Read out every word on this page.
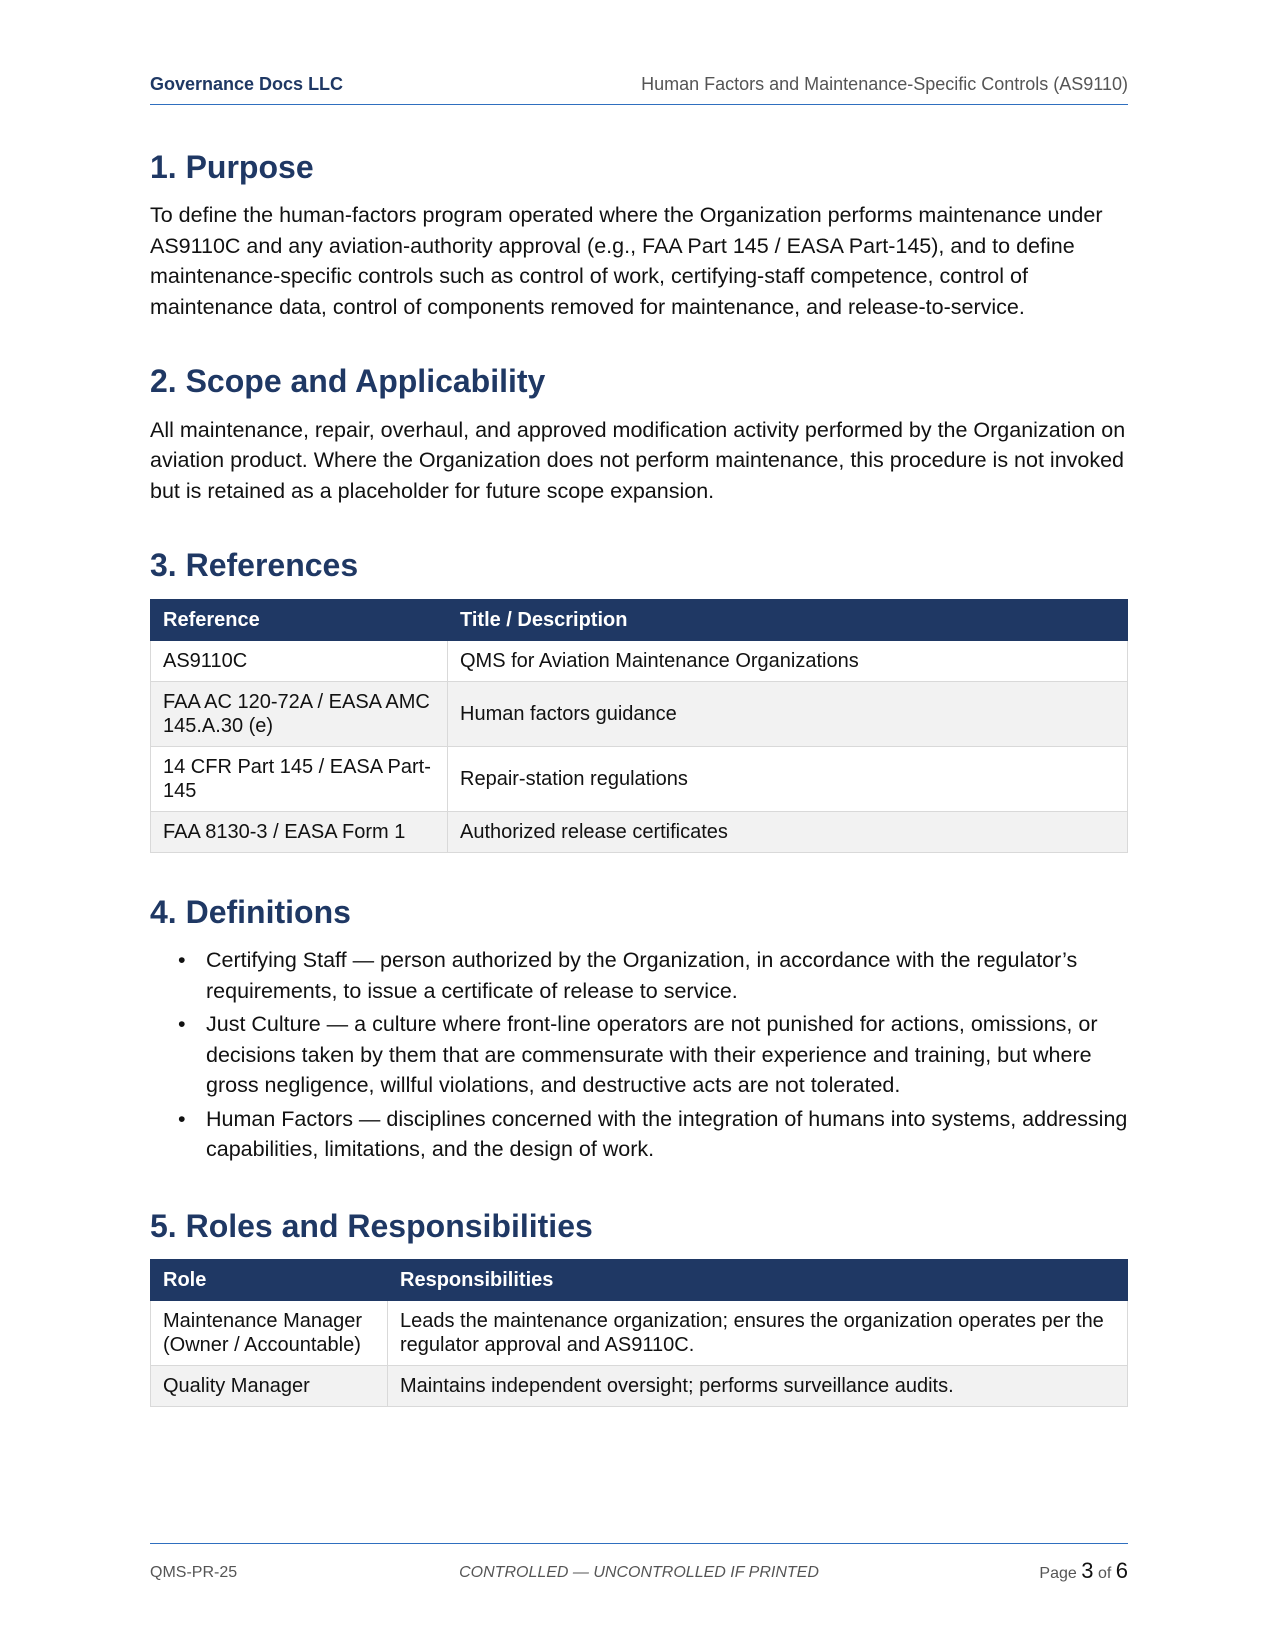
Governance Docs LLC	Human Factors and Maintenance-Specific Controls (AS9110)
1. Purpose

To define the human-factors program operated where the Organization performs maintenance under AS9110C and any aviation-authority approval (e.g., FAA Part 145 / EASA Part-145), and to define maintenance-specific controls such as control of work, certifying-staff competence, control of maintenance data, control of components removed for maintenance, and release-to-service.

2. Scope and Applicability

All maintenance, repair, overhaul, and approved modification activity performed by the Organization on aviation product. Where the Organization does not perform maintenance, this procedure is not invoked but is retained as a placeholder for future scope expansion.

3. References
Reference	Title / Description
AS9110C	QMS for Aviation Maintenance Organizations
FAA AC 120-72A / EASA AMC 145.A.30 (e)	Human factors guidance
14 CFR Part 145 / EASA Part-145	Repair-station regulations
FAA 8130-3 / EASA Form 1	Authorized release certificates
4. Definitions
• Certifying Staff — person authorized by the Organization, in accordance with the regulator’s requirements, to issue a certificate of release to service.
• Just Culture — a culture where front-line operators are not punished for actions, omissions, or decisions taken by them that are commensurate with their experience and training, but where gross negligence, willful violations, and destructive acts are not tolerated.
• Human Factors — disciplines concerned with the integration of humans into systems, addressing capabilities, limitations, and the design of work.
5. Roles and Responsibilities
Role	Responsibilities
Maintenance Manager (Owner / Accountable)	Leads the maintenance organization; ensures the organization operates per the regulator approval and AS9110C.
Quality Manager	Maintains independent oversight; performs surveillance audits.
QMS-PR-25	CONTROLLED — UNCONTROLLED IF PRINTED	Page 3 of 6
